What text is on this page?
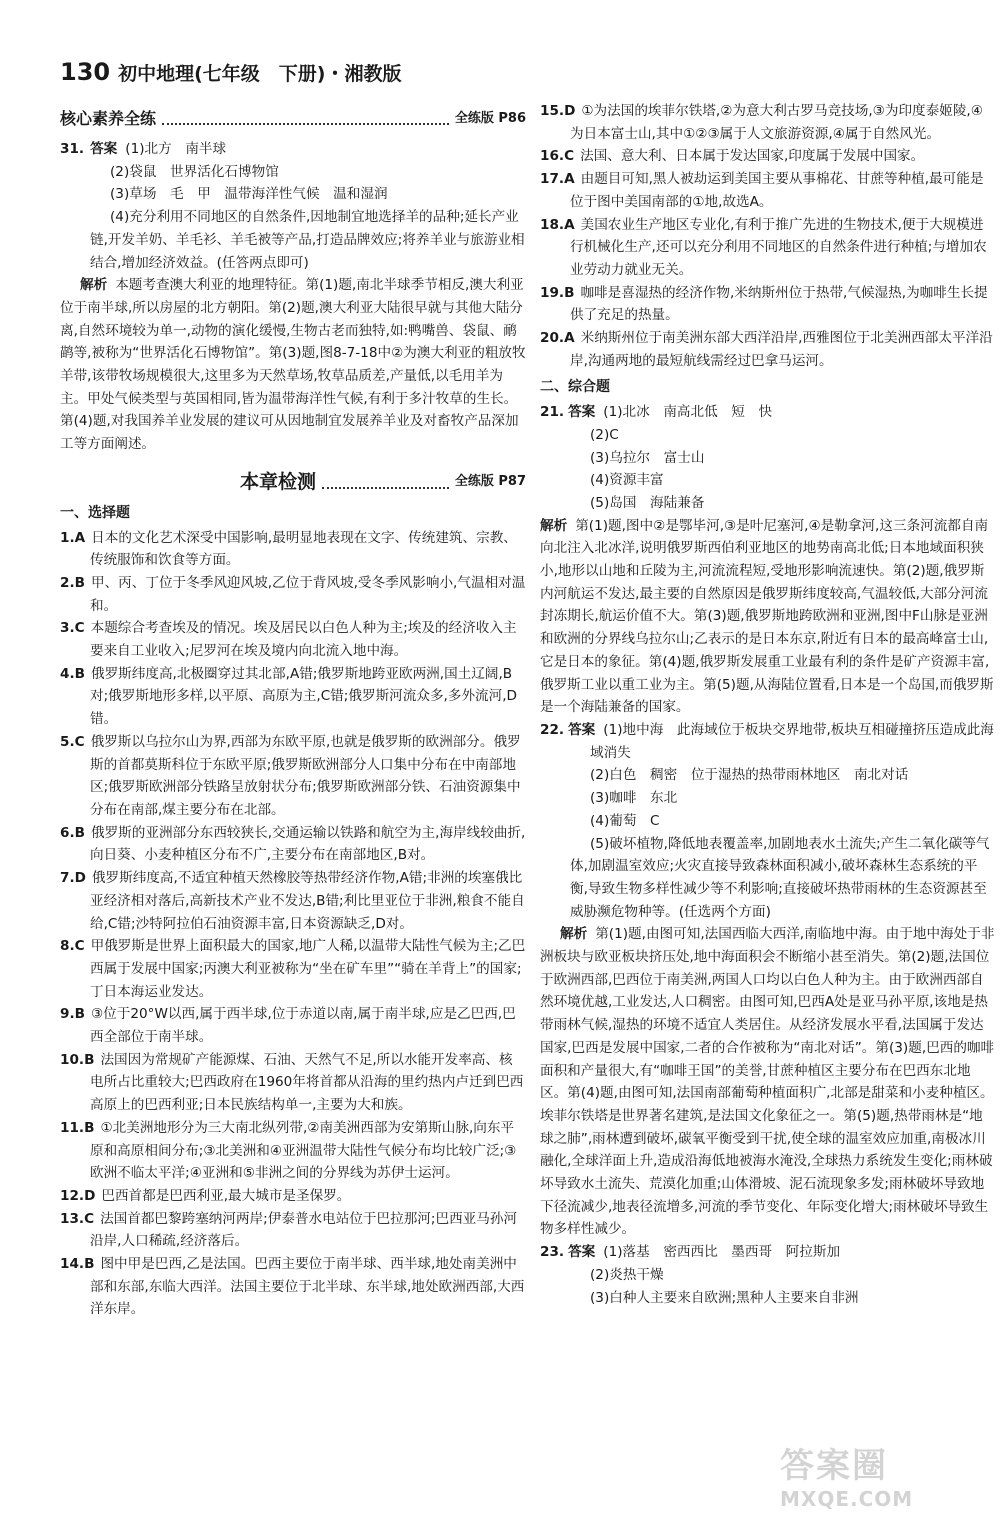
130 初中地理(七年级　下册)・湘教版
核心素养全练	全练版 P86
31. 答案 (1)北方　南半球
(2)袋鼠　世界活化石博物馆
(3)草场　毛　甲　温带海洋性气候　温和湿润
(4)充分利用不同地区的自然条件,因地制宜地选择羊的品种;延长产业链,开发羊奶、羊毛衫、羊毛被等产品,打造品牌效应;将养羊业与旅游业相结合,增加经济效益。(任答两点即可)

解析 本题考查澳大利亚的地理特征。第(1)题,南北半球季节相反,澳大利亚位于南半球,所以房屋的北方朝阳。第(2)题,澳大利亚大陆很早就与其他大陆分离,自然环境较为单一,动物的演化缓慢,生物古老而独特,如:鸭嘴兽、袋鼠、鸸鹋等,被称为“世界活化石博物馆”。第(3)题,图8-7-18中②为澳大利亚的粗放牧羊带,该带牧场规模很大,这里多为天然草场,牧草品质差,产量低,以毛用羊为主。甲处气候类型与英国相同,皆为温带海洋性气候,有利于多汁牧草的生长。第(4)题,对我国养羊业发展的建议可从因地制宜发展养羊业及对畜牧产品深加工等方面阐述。

本章检测	全练版 P87
一、选择题
1.A 日本的文化艺术深受中国影响,最明显地表现在文字、传统建筑、宗教、传统服饰和饮食等方面。
2.B 甲、丙、丁位于冬季风迎风坡,乙位于背风坡,受冬季风影响小,气温相对温和。
3.C 本题综合考查埃及的情况。埃及居民以白色人种为主;埃及的经济收入主要来自工业收入;尼罗河在埃及境内向北流入地中海。
4.B 俄罗斯纬度高,北极圈穿过其北部,A错;俄罗斯地跨亚欧两洲,国土辽阔,B对;俄罗斯地形多样,以平原、高原为主,C错;俄罗斯河流众多,多外流河,D错。
5.C 俄罗斯以乌拉尔山为界,西部为东欧平原,也就是俄罗斯的欧洲部分。俄罗斯的首都莫斯科位于东欧平原;俄罗斯欧洲部分人口集中分布在中南部地区;俄罗斯欧洲部分铁路呈放射状分布;俄罗斯欧洲部分铁、石油资源集中分布在南部,煤主要分布在北部。
6.B 俄罗斯的亚洲部分东西较狭长,交通运输以铁路和航空为主,海岸线较曲折,向日葵、小麦种植区分布不广,主要分布在南部地区,B对。
7.D 俄罗斯纬度高,不适宜种植天然橡胶等热带经济作物,A错;非洲的埃塞俄比亚经济相对落后,高新技术产业不发达,B错;利比里亚位于非洲,粮食不能自给,C错;沙特阿拉伯石油资源丰富,日本资源缺乏,D对。
8.C 甲俄罗斯是世界上面积最大的国家,地广人稀,以温带大陆性气候为主;乙巴西属于发展中国家;丙澳大利亚被称为“坐在矿车里”“骑在羊背上”的国家;丁日本海运业发达。
9.B ③位于20°W以西,属于西半球,位于赤道以南,属于南半球,应是乙巴西,巴西全部位于南半球。
10.B 法国因为常规矿产能源煤、石油、天然气不足,所以水能开发率高、核电所占比重较大;巴西政府在1960年将首都从沿海的里约热内卢迁到巴西高原上的巴西利亚;日本民族结构单一,主要为大和族。
11.B ①北美洲地形分为三大南北纵列带,②南美洲西部为安第斯山脉,向东平原和高原相间分布;③北美洲和④亚洲温带大陆性气候分布均比较广泛;③欧洲不临太平洋;④亚洲和⑤非洲之间的分界线为苏伊士运河。
12.D 巴西首都是巴西利亚,最大城市是圣保罗。
13.C 法国首都巴黎跨塞纳河两岸;伊泰普水电站位于巴拉那河;巴西亚马孙河沿岸,人口稀疏,经济落后。
14.B 图中甲是巴西,乙是法国。巴西主要位于南半球、西半球,地处南美洲中部和东部,东临大西洋。法国主要位于北半球、东半球,地处欧洲西部,大西洋东岸。
15.D ①为法国的埃菲尔铁塔,②为意大利古罗马竞技场,③为印度泰姬陵,④为日本富士山,其中①②③属于人文旅游资源,④属于自然风光。
16.C 法国、意大利、日本属于发达国家,印度属于发展中国家。
17.A 由题目可知,黑人被劫运到美国主要从事棉花、甘蔗等种植,最可能是位于图中美国南部的①地,故选A。
18.A 美国农业生产地区专业化,有利于推广先进的生物技术,便于大规模进行机械化生产,还可以充分利用不同地区的自然条件进行种植;与增加农业劳动力就业无关。
19.B 咖啡是喜湿热的经济作物,米纳斯州位于热带,气候湿热,为咖啡生长提供了充足的热量。
20.A 米纳斯州位于南美洲东部大西洋沿岸,西雅图位于北美洲西部太平洋沿岸,沟通两地的最短航线需经过巴拿马运河。
二、综合题
21. 答案 (1)北冰　南高北低　短　快
(2)C
(3)乌拉尔　富士山
(4)资源丰富
(5)岛国　海陆兼备

解析 第(1)题,图中②是鄂毕河,③是叶尼塞河,④是勒拿河,这三条河流都自南向北注入北冰洋,说明俄罗斯西伯利亚地区的地势南高北低;日本地域面积狭小,地形以山地和丘陵为主,河流流程短,受地形影响流速快。第(2)题,俄罗斯内河航运不发达,最主要的自然原因是俄罗斯纬度较高,气温较低,大部分河流封冻期长,航运价值不大。第(3)题,俄罗斯地跨欧洲和亚洲,图中F山脉是亚洲和欧洲的分界线乌拉尔山;乙表示的是日本东京,附近有日本的最高峰富士山,它是日本的象征。第(4)题,俄罗斯发展重工业最有利的条件是矿产资源丰富,俄罗斯工业以重工业为主。第(5)题,从海陆位置看,日本是一个岛国,而俄罗斯是一个海陆兼备的国家。

22. 答案 (1)地中海　此海域位于板块交界地带,板块互相碰撞挤压造成此海域消失
(2)白色　稠密　位于湿热的热带雨林地区　南北对话
(3)咖啡　东北
(4)葡萄　C
(5)破坏植物,降低地表覆盖率,加剧地表水土流失;产生二氧化碳等气体,加剧温室效应;火灾直接导致森林面积减小,破坏森林生态系统的平衡,导致生物多样性减少等不利影响;直接破坏热带雨林的生态资源甚至威胁濒危物种等。(任选两个方面)

解析 第(1)题,由图可知,法国西临大西洋,南临地中海。由于地中海处于非洲板块与欧亚板块挤压处,地中海面积会不断缩小甚至消失。第(2)题,法国位于欧洲西部,巴西位于南美洲,两国人口均以白色人种为主。由于欧洲西部自然环境优越,工业发达,人口稠密。由图可知,巴西A处是亚马孙平原,该地是热带雨林气候,湿热的环境不适宜人类居住。从经济发展水平看,法国属于发达国家,巴西是发展中国家,二者的合作被称为“南北对话”。第(3)题,巴西的咖啡面积和产量很大,有“咖啡王国”的美誉,甘蔗种植区主要分布在巴西东北地区。第(4)题,由图可知,法国南部葡萄种植面积广,北部是甜菜和小麦种植区。埃菲尔铁塔是世界著名建筑,是法国文化象征之一。第(5)题,热带雨林是“地球之肺”,雨林遭到破坏,碳氧平衡受到干扰,使全球的温室效应加重,南极冰川融化,全球洋面上升,造成沿海低地被海水淹没,全球热力系统发生变化;雨林破坏导致水土流失、荒漠化加重;山体滑坡、泥石流现象多发;雨林破坏导致地下径流减少,地表径流增多,河流的季节变化、年际变化增大;雨林破坏导致生物多样性减少。

23. 答案 (1)落基　密西西比　墨西哥　阿拉斯加
(2)炎热干燥
(3)白种人主要来自欧洲;黑种人主要来自非洲
答案圈
MXQE.COM
